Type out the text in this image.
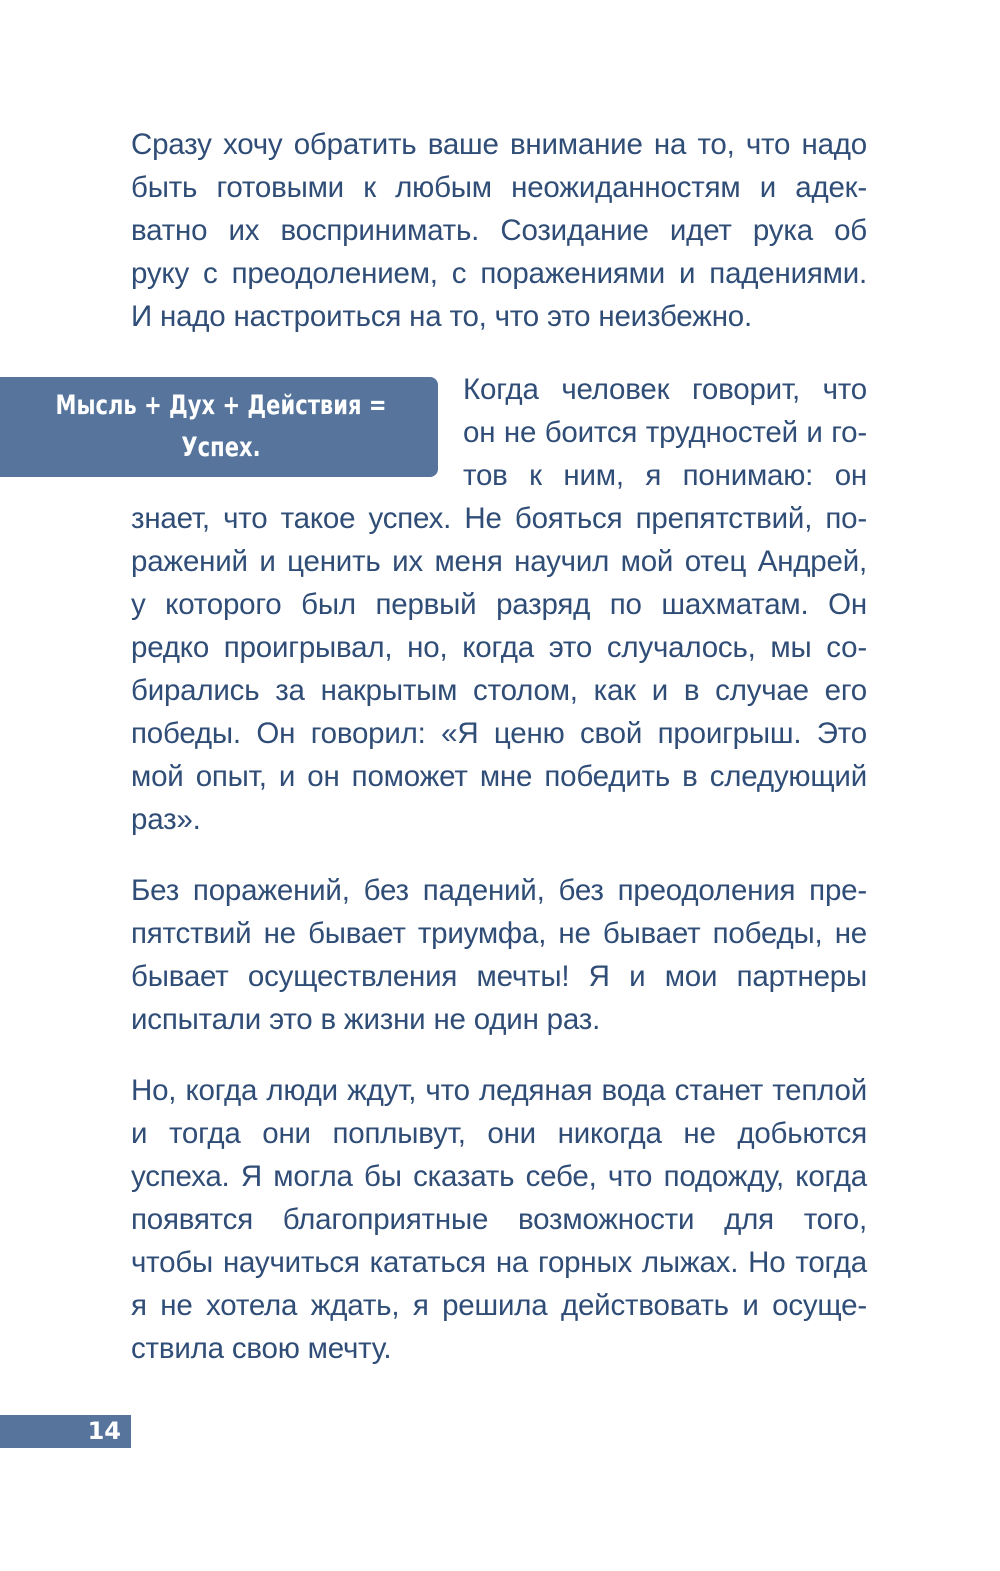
Сразу хочу обратить ваше внимание на то, что надо
быть готовыми к любым неожиданностям и адек-
ватно их воспринимать. Созидание идет рука об
руку с преодолением, с поражениями и падениями.
И надо настроиться на то, что это неизбежно.
Мысль + Дух + Действия =
Успех.
Когда человек говорит, что
он не боится трудностей и го-
тов к ним, я понимаю: он
знает, что такое успех. Не бояться препятствий, по-
ражений и ценить их меня научил мой отец Андрей,
у которого был первый разряд по шахматам. Он
редко проигрывал, но, когда это случалось, мы со-
бирались за накрытым столом, как и в случае его
победы. Он говорил: «Я ценю свой проигрыш. Это
мой опыт, и он поможет мне победить в следующий
раз».
Без поражений, без падений, без преодоления пре-
пятствий не бывает триумфа, не бывает победы, не
бывает осуществления мечты! Я и мои партнеры
испытали это в жизни не один раз.
Но, когда люди ждут, что ледяная вода станет теплой
и тогда они поплывут, они никогда не добьются
успеха. Я могла бы сказать себе, что подожду, когда
появятся благоприятные возможности для того,
чтобы научиться кататься на горных лыжах. Но тогда
я не хотела ждать, я решила действовать и осуще-
ствила свою мечту.
14
